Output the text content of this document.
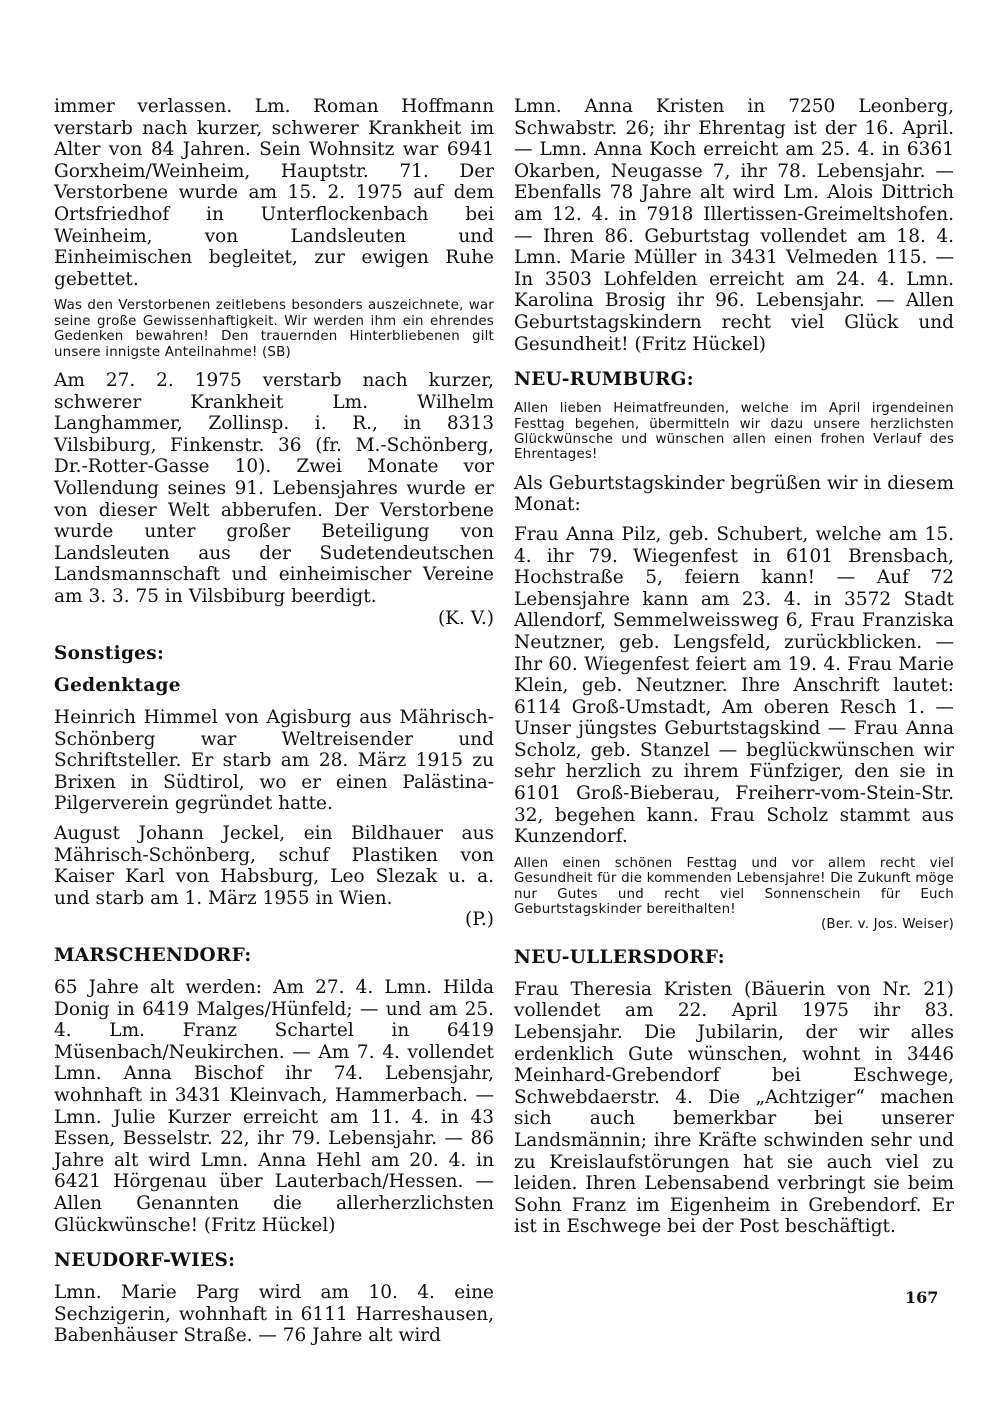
immer verlassen. Lm. Roman Hoffmann verstarb nach kurzer, schwerer Krankheit im Alter von 84 Jahren. Sein Wohnsitz war 6941 Gorxheim/Weinheim, Hauptstr. 71. Der Verstorbene wurde am 15. 2. 1975 auf dem Ortsfriedhof in Unterflockenbach bei Weinheim, von Landsleuten und Einheimischen begleitet, zur ewigen Ruhe gebettet.

Was den Verstorbenen zeitlebens besonders auszeichnete, war seine große Gewissenhaftigkeit. Wir werden ihm ein ehrendes Gedenken bewahren! Den trauernden Hinterbliebenen gilt unsere innigste Anteilnahme! (SB)

Am 27. 2. 1975 verstarb nach kurzer, schwerer Krankheit Lm. Wilhelm Langhammer, Zollinsp. i. R., in 8313 Vilsbiburg, Finkenstr. 36 (fr. M.-Schönberg, Dr.-Rotter-Gasse 10). Zwei Monate vor Vollendung seines 91. Lebensjahres wurde er von dieser Welt abberufen. Der Verstorbene wurde unter großer Beteiligung von Landsleuten aus der Sudetendeutschen Landsmannschaft und einheimischer Vereine am 3. 3. 75 in Vilsbiburg beerdigt.
(K. V.)

Sonstiges:
Gedenktage

Heinrich Himmel von Agisburg aus Mährisch-Schönberg war Weltreisender und Schriftsteller. Er starb am 28. März 1915 zu Brixen in Südtirol, wo er einen Palästina-Pilgerverein gegründet hatte.

August Johann Jeckel, ein Bildhauer aus Mährisch-Schönberg, schuf Plastiken von Kaiser Karl von Habsburg, Leo Slezak u. a. und starb am 1. März 1955 in Wien.
(P.)

MARSCHENDORF:

65 Jahre alt werden: Am 27. 4. Lmn. Hilda Donig in 6419 Malges/Hünfeld; — und am 25. 4. Lm. Franz Schartel in 6419 Müsenbach/Neukirchen. — Am 7. 4. vollendet Lmn. Anna Bischof ihr 74. Lebensjahr, wohnhaft in 3431 Kleinvach, Hammerbach. — Lmn. Julie Kurzer erreicht am 11. 4. in 43 Essen, Besselstr. 22, ihr 79. Lebensjahr. — 86 Jahre alt wird Lmn. Anna Hehl am 20. 4. in 6421 Hörgenau über Lauterbach/Hessen. — Allen Genannten die allerherzlichsten Glückwünsche! (Fritz Hückel)

NEUDORF-WIES:

Lmn. Marie Parg wird am 10. 4. eine Sechzigerin, wohnhaft in 6111 Harreshausen, Babenhäuser Straße. — 76 Jahre alt wird

Lmn. Anna Kristen in 7250 Leonberg, Schwabstr. 26; ihr Ehrentag ist der 16. April. — Lmn. Anna Koch erreicht am 25. 4. in 6361 Okarben, Neugasse 7, ihr 78. Lebensjahr. — Ebenfalls 78 Jahre alt wird Lm. Alois Dittrich am 12. 4. in 7918 Illertissen-Greimeltshofen. — Ihren 86. Geburtstag vollendet am 18. 4. Lmn. Marie Müller in 3431 Velmeden 115. — In 3503 Lohfelden erreicht am 24. 4. Lmn. Karolina Brosig ihr 96. Lebensjahr. — Allen Geburtstagskindern recht viel Glück und Gesundheit! (Fritz Hückel)

NEU-RUMBURG:

Allen lieben Heimatfreunden, welche im April irgendeinen Festtag begehen, übermitteln wir dazu unsere herzlichsten Glückwünsche und wünschen allen einen frohen Verlauf des Ehrentages!

Als Geburtstagskinder begrüßen wir in diesem Monat:

Frau Anna Pilz, geb. Schubert, welche am 15. 4. ihr 79. Wiegenfest in 6101 Brensbach, Hochstraße 5, feiern kann! — Auf 72 Lebensjahre kann am 23. 4. in 3572 Stadt Allendorf, Semmelweissweg 6, Frau Franziska Neutzner, geb. Lengsfeld, zurückblicken. — Ihr 60. Wiegenfest feiert am 19. 4. Frau Marie Klein, geb. Neutzner. Ihre Anschrift lautet: 6114 Groß-Umstadt, Am oberen Resch 1. — Unser jüngstes Geburtstagskind — Frau Anna Scholz, geb. Stanzel — beglückwünschen wir sehr herzlich zu ihrem Fünfziger, den sie in 6101 Groß-Bieberau, Freiherr-vom-Stein-Str. 32, begehen kann. Frau Scholz stammt aus Kunzendorf.

Allen einen schönen Festtag und vor allem recht viel Gesundheit für die kommenden Lebensjahre! Die Zukunft möge nur Gutes und recht viel Sonnenschein für Euch Geburtstagskinder bereithalten!
(Ber. v. Jos. Weiser)

NEU-ULLERSDORF:

Frau Theresia Kristen (Bäuerin von Nr. 21) vollendet am 22. April 1975 ihr 83. Lebensjahr. Die Jubilarin, der wir alles erdenklich Gute wünschen, wohnt in 3446 Meinhard-Grebendorf bei Eschwege, Schwebdaerstr. 4. Die „Achtziger“ machen sich auch bemerkbar bei unserer Landsmännin; ihre Kräfte schwinden sehr und zu Kreislaufstörungen hat sie auch viel zu leiden. Ihren Lebensabend verbringt sie beim Sohn Franz im Eigenheim in Grebendorf. Er ist in Eschwege bei der Post beschäftigt.

167
